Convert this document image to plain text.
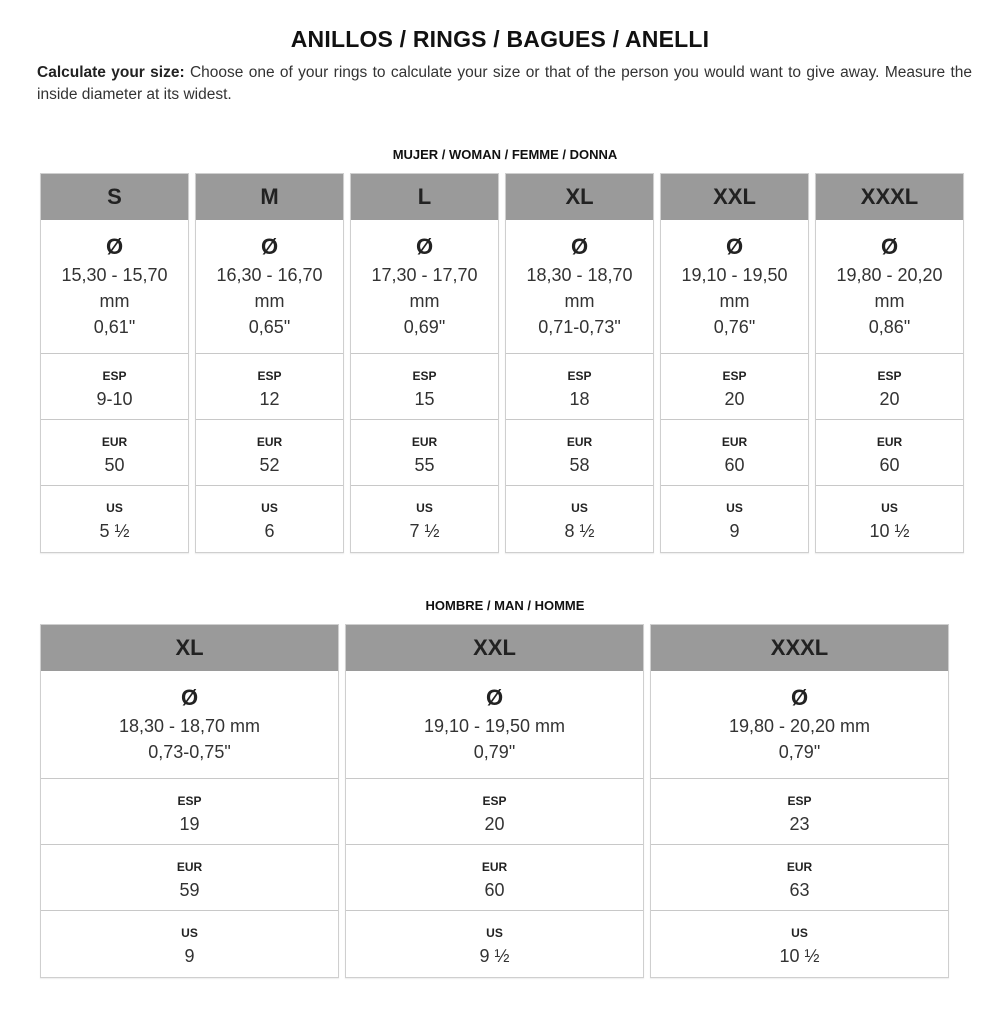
ANILLOS / RINGS / BAGUES / ANELLI

Calculate your size: Choose one of your rings to calculate your size or that of the person you would want to give away. Measure the inside diameter at its widest.

MUJER / WOMAN / FEMME / DONNA
S
Ø
15,30 - 15,70
mm
0,61"
ESP
9-10
EUR
50
US
5 ½
M
Ø
16,30 - 16,70
mm
0,65"
ESP
12
EUR
52
US
6
L
Ø
17,30 - 17,70
mm
0,69"
ESP
15
EUR
55
US
7 ½
XL
Ø
18,30 - 18,70
mm
0,71-0,73"
ESP
18
EUR
58
US
8 ½
XXL
Ø
19,10 - 19,50
mm
0,76"
ESP
20
EUR
60
US
9
XXXL
Ø
19,80 - 20,20
mm
0,86"
ESP
20
EUR
60
US
10 ½
HOMBRE / MAN / HOMME
XL
Ø
18,30 - 18,70 mm
0,73-0,75"
ESP
19
EUR
59
US
9
XXL
Ø
19,10 - 19,50 mm
0,79"
ESP
20
EUR
60
US
9 ½
XXXL
Ø
19,80 - 20,20 mm
0,79"
ESP
23
EUR
63
US
10 ½
